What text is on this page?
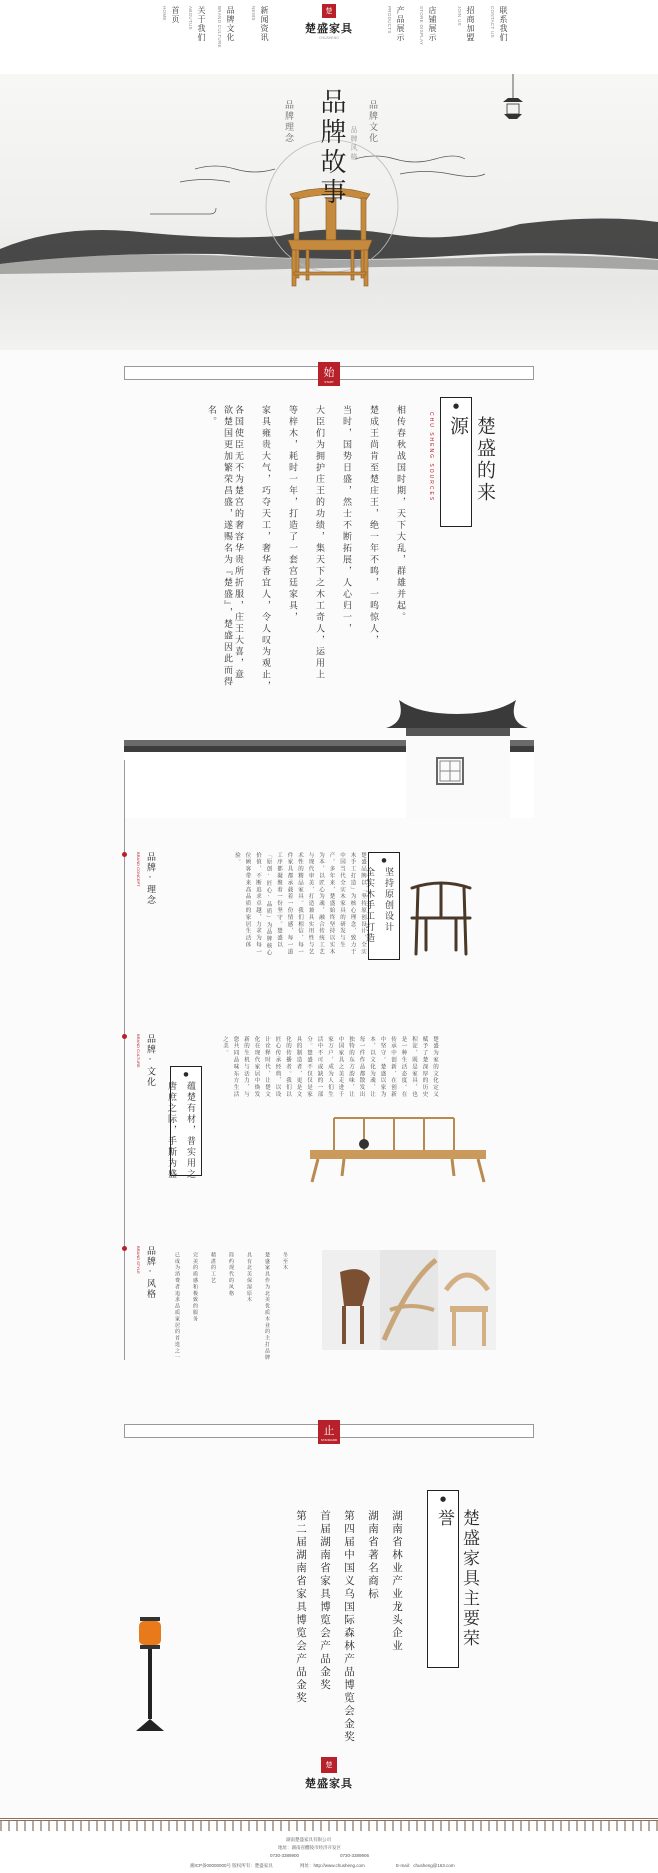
首页
HOME	关于我们
ABOUTUS	品牌文化
BRAND CULTURE	新闻资讯
NEWS	楚
楚盛家具
CHUSHENG	产品展示
PRODUCTS	店铺展示
STORE DISPLAY	招商加盟
JOIN US	联系我们
CONTACT US
品牌故事
品牌理念	品牌文化
品牌风格
始
START
●
楚盛的来源
CHU SHENG SOURCES
相传春秋战国时期，天下大乱，群雄并起。
楚成王尚肯至楚庄王，绝一年不鸣，一鸣惊人，
当时，国势日盛，然士不断拓展，人心归一，
大臣们为拥护庄王的功绩，集天下之木工奇人，运用上
等梓木，耗时一年，打造了一套宫廷家具，
家具雍贵大气，巧夺天工，奢华香宜人，令人叹为观止，
各国使臣无不为楚宫的奢容华贵所折服，庄王大喜，意
欲楚国更加繁荣昌盛，遂赐名为『楚盛』，楚盛因此而得名。
品牌·理念
BRAND CONCEPT	楚盛品牌以「坚持原创设计，全实木手工打造」为核心理念，致力于中国当代全实木家具的研发与生产。多年来，楚盛始终坚持以实木为本，以匠心为魂，融合传统工艺与现代审美，打造兼具实用性与艺术性的精品家具。我们相信，每一件家具都承载着一份情感，每一道工序都凝聚着一份坚守。楚盛以「原创·匠心·品质」为品牌核心价值，不断追求卓越，力求为每一位顾客带来高品质的家居生活体验。	●
坚持原创设计
全实木手工打造
品牌·文化
BRAND CULTURE
●
蕴楚有材，普实用之
唐庶之际，手斯为盛
楚盛为家的文化定义赋予了楚深厚的历史积淀，既是家具，也是一种生活态度。在传承中创新，在创新中坚守。楚盛以家为本，以文化为魂，让每一件作品都散发出独特的东方韵味，让中国家具之美走进千家万户，成为人们生活中不可或缺的一部分。楚盛不仅仅是家具的制造者，更是文化的传播者。我们以匠心传承经典，以设计诠释时代，让楚文化在现代家居中焕发新的生机与活力，与您共同品味东方生活之美。
品牌·风格
BRAND STYLE	冬至木
楚盛家具作为北美优质木业的主打品牌
具有北美保湿原木
简约现代的风格
精湛的工艺
完美的质感和极致的服务
已成为消费者追求品质家居的首选之一
止
STANDARD
●
楚盛家具主要荣誉
湖南省林业产业龙头企业
湖南省著名商标
第四届中国义乌国际森林产品博览会金奖
首届湖南省家具博览会产品金奖
第二届湖南省家具博览会产品金奖
楚
楚盛家具
湖南楚盛家具有限公司
地址：湖南省醴陵市经济开发区
0730-3389900	0730-3389906
湘ICP备00000000号 版权所有：楚盛家具	网址：http://www.chusheng.com	E-mail：chusheng@163.com
